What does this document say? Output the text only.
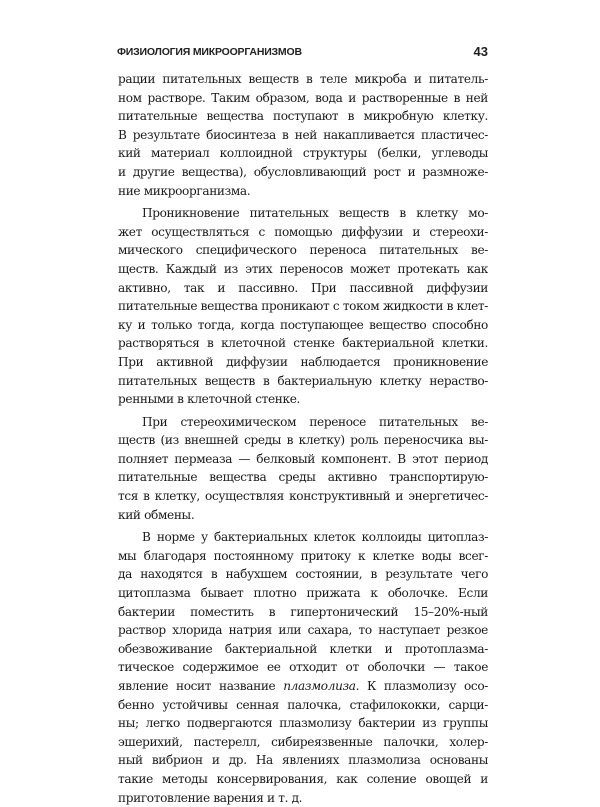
ФИЗИОЛОГИЯ МИКРООРГАНИЗМОВ	43
рации питательных веществ в теле микроба и питатель-
ном растворе. Таким образом, вода и растворенные в ней
питательные вещества поступают в микробную клетку.
В результате биосинтеза в ней накапливается пластичес-
кий материал коллоидной структуры (белки, углеводы
и другие вещества), обусловливающий рост и размноже-
ние микроорганизма.
Проникновение питательных веществ в клетку мо-
жет осуществляться с помощью диффузии и стереохи-
мического специфического переноса питательных ве-
ществ. Каждый из этих переносов может протекать как
активно, так и пассивно. При пассивной диффузии
питательные вещества проникают с током жидкости в клет-
ку и только тогда, когда поступающее вещество способно
растворяться в клеточной стенке бактериальной клетки.
При активной диффузии наблюдается проникновение
питательных веществ в бактериальную клетку нераство-
ренными в клеточной стенке.
При стереохимическом переносе питательных ве-
ществ (из внешней среды в клетку) роль переносчика вы-
полняет пермеаза — белковый компонент. В этот период
питательные вещества среды активно транспортирую-
тся в клетку, осуществляя конструктивный и энергетичес-
кий обмены.
В норме у бактериальных клеток коллоиды цитоплаз-
мы благодаря постоянному притоку к клетке воды всег-
да находятся в набухшем состоянии, в результате чего
цитоплазма бывает плотно прижата к оболочке. Если
бактерии поместить в гипертонический 15–20%-ный
раствор хлорида натрия или сахара, то наступает резкое
обезвоживание бактериальной клетки и протоплазма-
тическое содержимое ее отходит от оболочки — такое
явление носит название плазмолиза. К плазмолизу осо-
бенно устойчивы сенная палочка, стафилококки, сарци-
ны; легко подвергаются плазмолизу бактерии из группы
эшерихий, пастерелл, сибиреязвенные палочки, холер-
ный вибрион и др. На явлениях плазмолиза основаны
такие методы консервирования, как соление овощей и
приготовление варения и т. д.
